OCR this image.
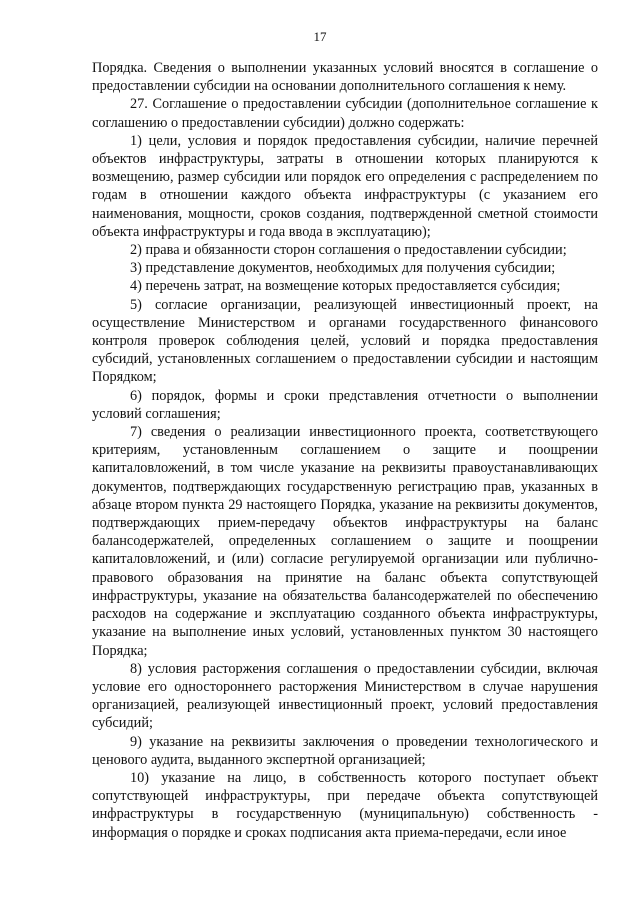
17

Порядка. Сведения о выполнении указанных условий вносятся в соглашение о предоставлении субсидии на основании дополнительного соглашения к нему.

27. Соглашение о предоставлении субсидии (дополнительное соглашение к соглашению о предоставлении субсидии) должно содержать:

1) цели, условия и порядок предоставления субсидии, наличие перечней объектов инфраструктуры, затраты в отношении которых планируются к возмещению, размер субсидии или порядок его определения с распределением по годам в отношении каждого объекта инфраструктуры (с указанием его наименования, мощности, сроков создания, подтвержденной сметной стоимости объекта инфраструктуры и года ввода в эксплуатацию);

2) права и обязанности сторон соглашения о предоставлении субсидии;

3) представление документов, необходимых для получения субсидии;

4) перечень затрат, на возмещение которых предоставляется субсидия;

5) согласие организации, реализующей инвестиционный проект, на осуществление Министерством и органами государственного финансового контроля проверок соблюдения целей, условий и порядка предоставления субсидий, установленных соглашением о предоставлении субсидии и настоящим Порядком;

6) порядок, формы и сроки представления отчетности о выполнении условий соглашения;

7) сведения о реализации инвестиционного проекта, соответствующего критериям, установленным соглашением о защите и поощрении капиталовложений, в том числе указание на реквизиты правоустанавливающих документов, подтверждающих государственную регистрацию прав, указанных в абзаце втором пункта 29 настоящего Порядка, указание на реквизиты документов, подтверждающих прием-передачу объектов инфраструктуры на баланс балансодержателей, определенных соглашением о защите и поощрении капиталовложений, и (или) согласие регулируемой организации или публично-правового образования на принятие на баланс объекта сопутствующей инфраструктуры, указание на обязательства балансодержателей по обеспечению расходов на содержание и эксплуатацию созданного объекта инфраструктуры, указание на выполнение иных условий, установленных пунктом 30 настоящего Порядка;

8) условия расторжения соглашения о предоставлении субсидии, включая условие его одностороннего расторжения Министерством в случае нарушения организацией, реализующей инвестиционный проект, условий предоставления субсидий;

9) указание на реквизиты заключения о проведении технологического и ценового аудита, выданного экспертной организацией;

10) указание на лицо, в собственность которого поступает объект сопутствующей инфраструктуры, при передаче объекта сопутствующей инфраструктуры в государственную (муниципальную) собственность - информация о порядке и сроках подписания акта приема-передачи, если иное
